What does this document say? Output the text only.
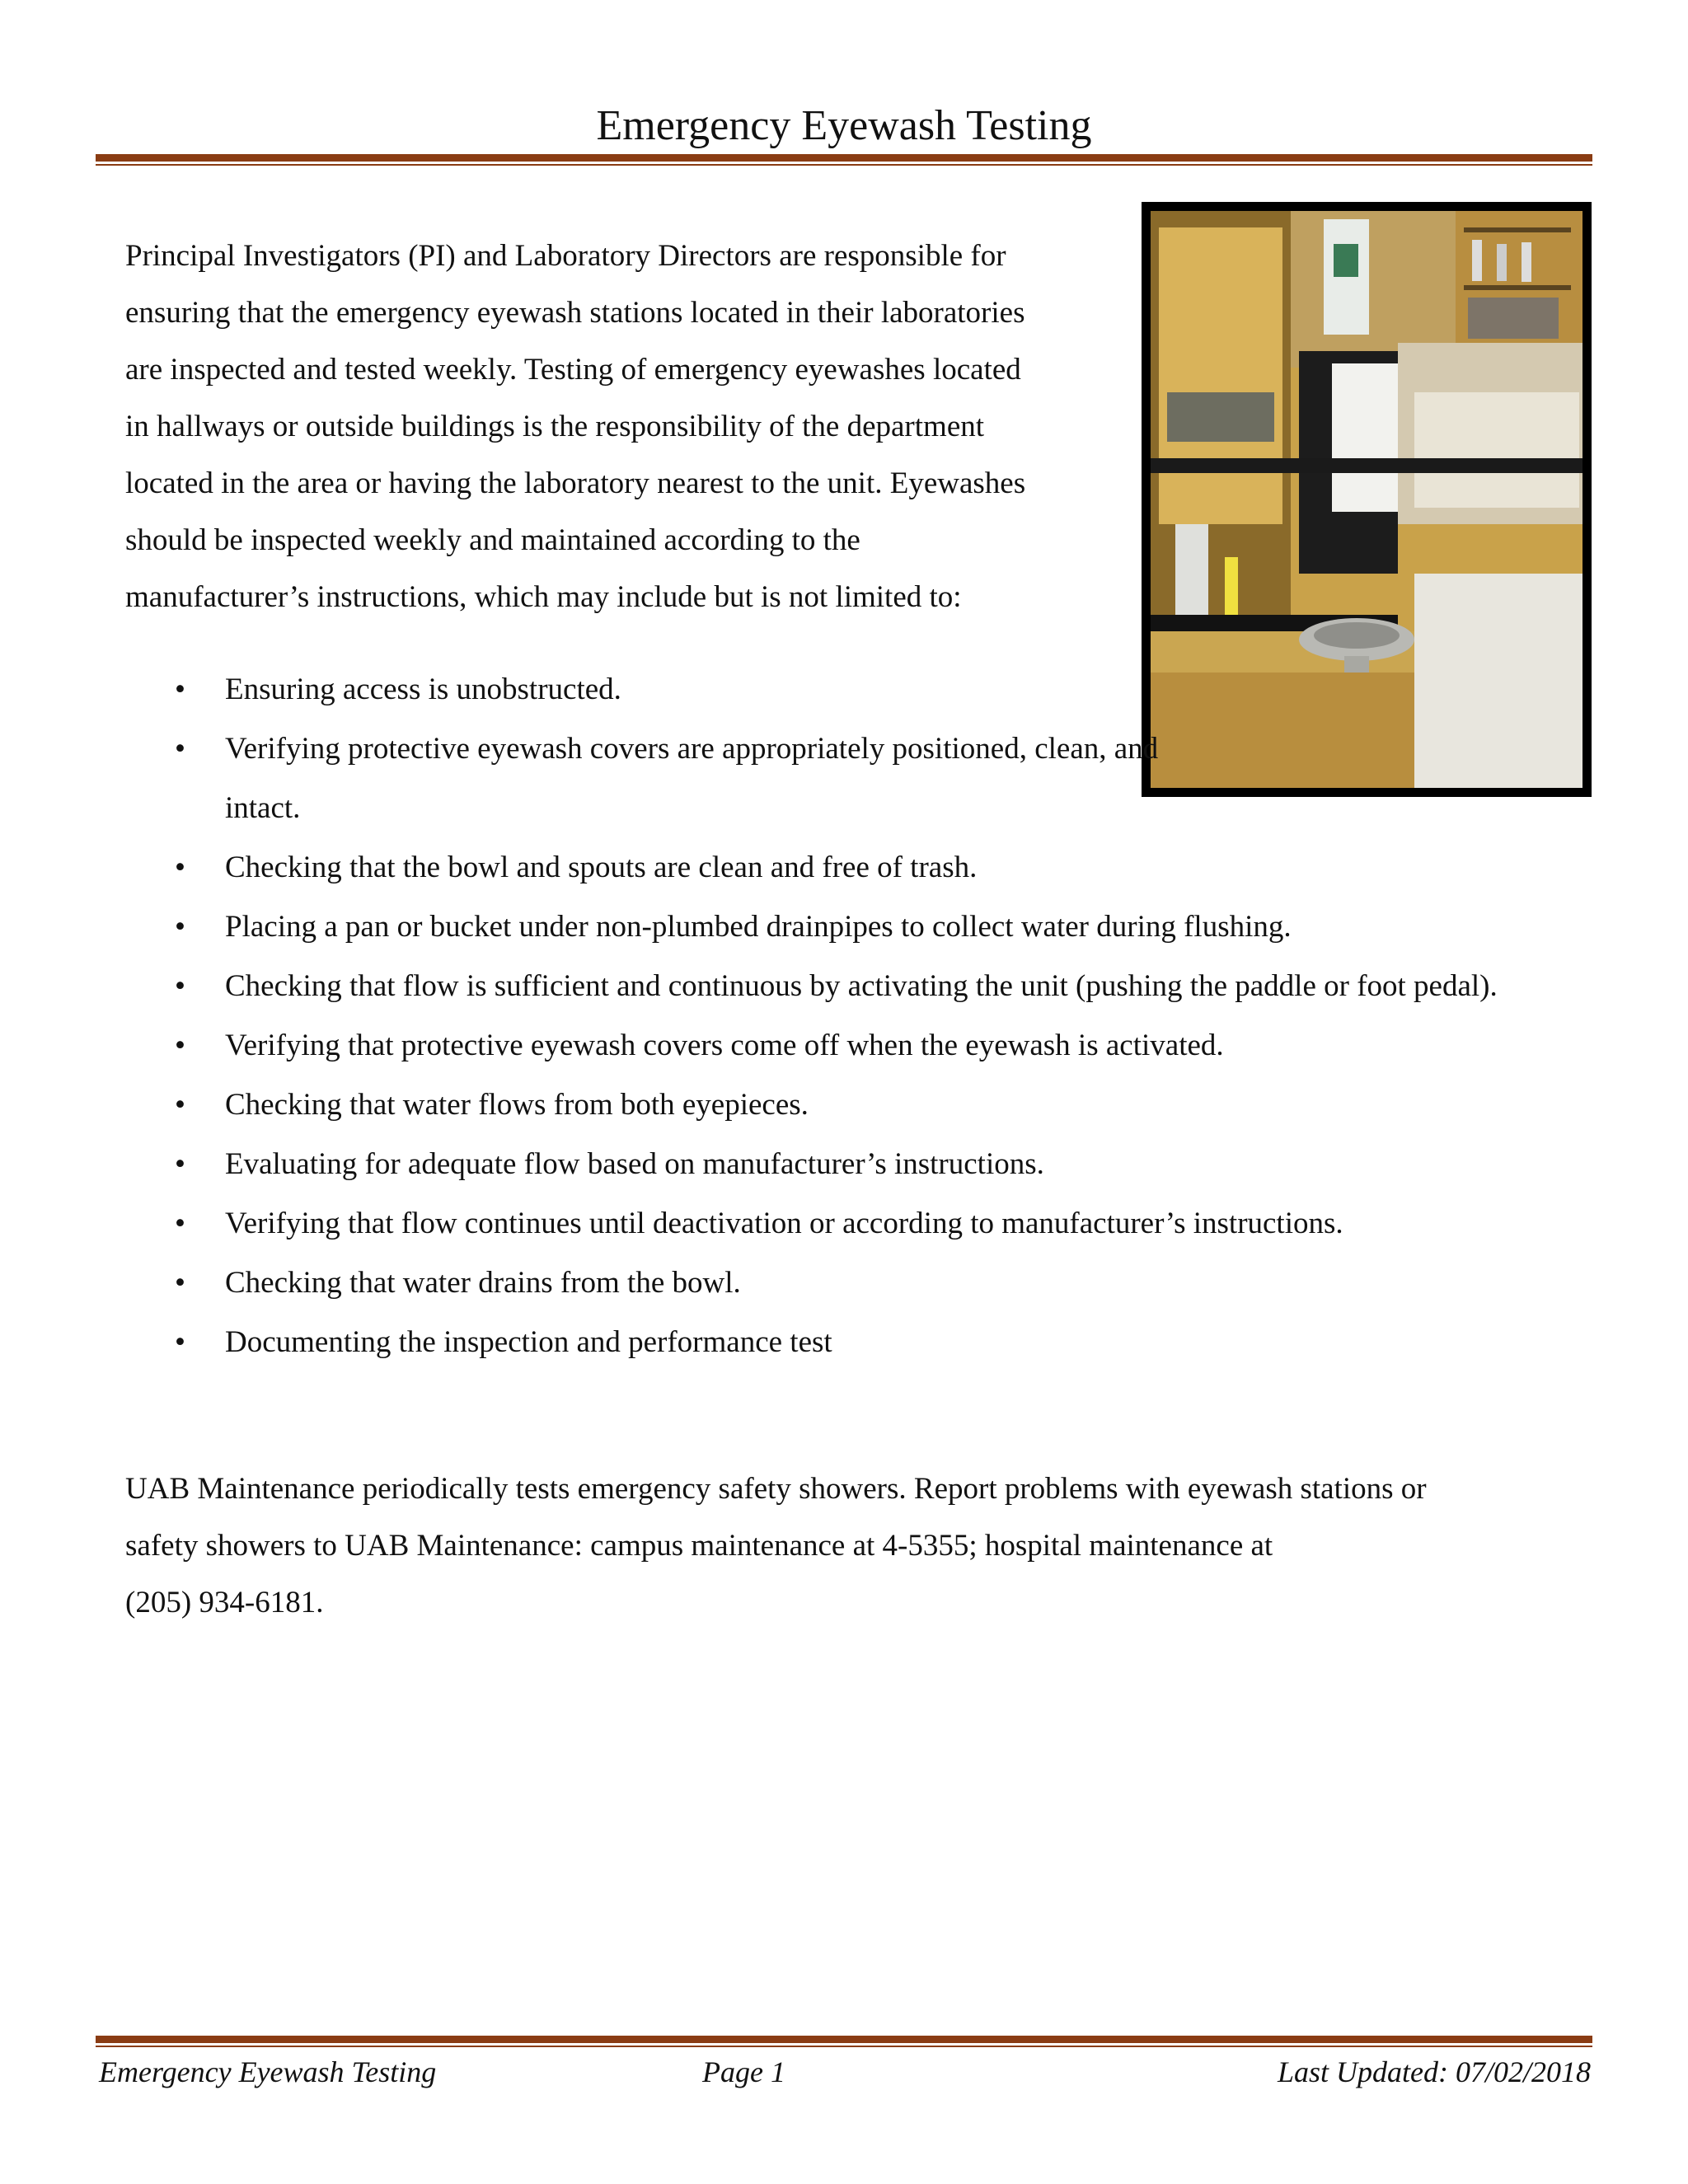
Emergency Eyewash Testing
Principal Investigators (PI) and Laboratory Directors are responsible for
ensuring that the emergency eyewash stations located in their laboratories
are inspected and tested weekly. Testing of emergency eyewashes located
in hallways or outside buildings is the responsibility of the department
located in the area or having the laboratory nearest to the unit. Eyewashes
should be inspected weekly and maintained according to the
manufacturer’s instructions, which may include but is not limited to:
• Ensuring access is unobstructed.
• Verifying protective eyewash covers are appropriately positioned, clean, and intact.
• Checking that the bowl and spouts are clean and free of trash.
• Placing a pan or bucket under non-plumbed drainpipes to collect water during flushing.
• Checking that flow is sufficient and continuous by activating the unit (pushing the paddle or foot pedal).
• Verifying that protective eyewash covers come off when the eyewash is activated.
• Checking that water flows from both eyepieces.
• Evaluating for adequate flow based on manufacturer’s instructions.
• Verifying that flow continues until deactivation or according to manufacturer’s instructions.
• Checking that water drains from the bowl.
• Documenting the inspection and performance test
UAB Maintenance periodically tests emergency safety showers. Report problems with eyewash stations or
safety showers to UAB Maintenance: campus maintenance at 4-5355; hospital maintenance at
(205) 934-6181.
Emergency Eyewash Testing	Page 1	Last Updated: 07/02/2018
